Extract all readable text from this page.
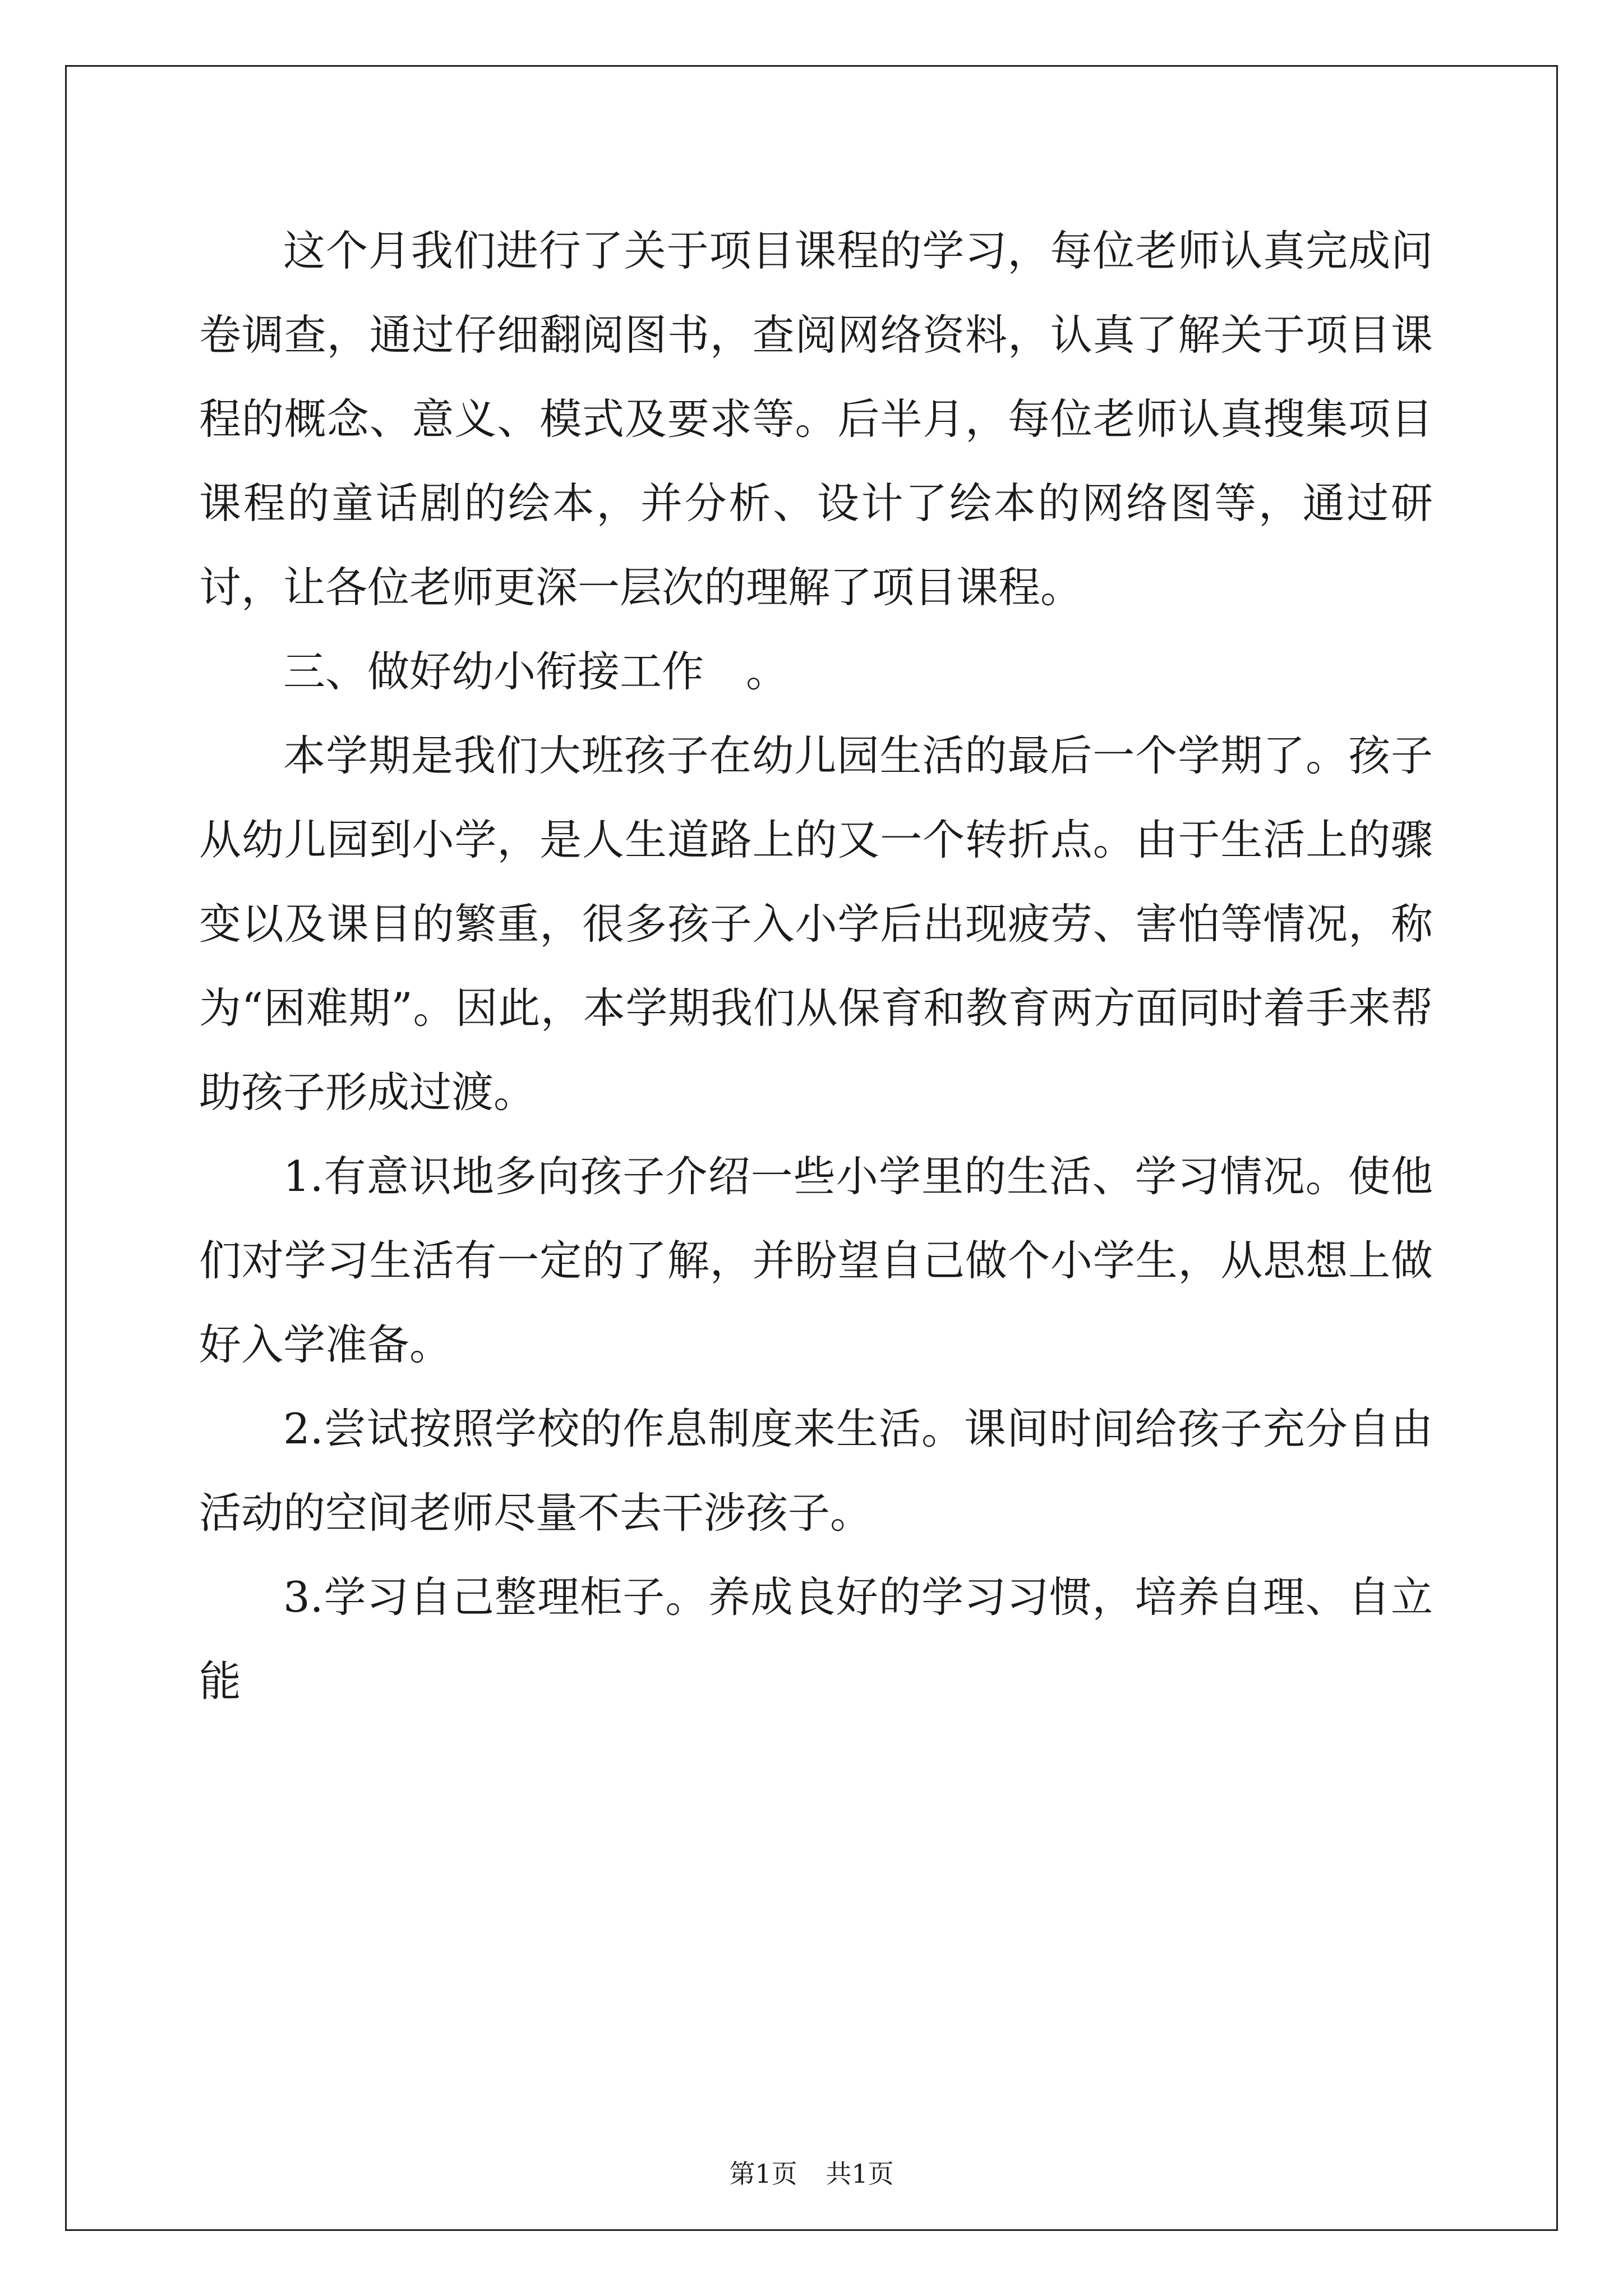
这个月我们进行了关于项目课程的学习，每位老师认真完成问卷调查，通过仔细翻阅图书，查阅网络资料，认真了解关于项目课程的概念、意义、模式及要求等。后半月，每位老师认真搜集项目课程的童话剧的绘本，并分析、设计了绘本的网络图等，通过研讨，让各位老师更深一层次的理解了项目课程。

三、做好幼小衔接工作　。

本学期是我们大班孩子在幼儿园生活的最后一个学期了。孩子从幼儿园到小学，是人生道路上的又一个转折点。由于生活上的骤变以及课目的繁重，很多孩子入小学后出现疲劳、害怕等情况，称为“困难期”。因此，本学期我们从保育和教育两方面同时着手来帮助孩子形成过渡。

1.有意识地多向孩子介绍一些小学里的生活、学习情况。使他们对学习生活有一定的了解，并盼望自己做个小学生，从思想上做好入学准备。

2.尝试按照学校的作息制度来生活。课间时间给孩子充分自由活动的空间老师尽量不去干涉孩子。

3.学习自己整理柜子。养成良好的学习习惯，培养自理、自立能

第1页 共1页
